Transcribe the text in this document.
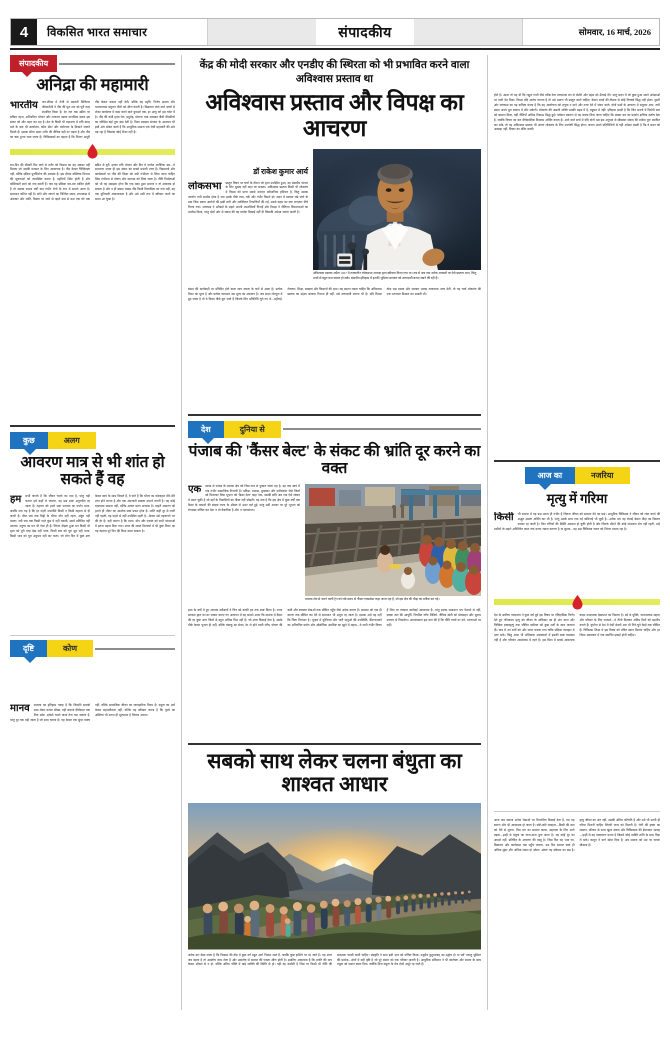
4	विकसित भारत समाचार	संपादकीय	सोमवार, 16 मार्च, 2026
संपादकीय
अनिद्रा की महामारी
भारतीय जन-जीवन में तेजी से बदलती डिजिटल जीवनशैली ने नींद की मूल लय को पूरी तरह प्रभावित किया है। देर रात तक स्क्रीन पर सक्रिय रहना, अनियमित भोजन और लगातार बढ़ता मानसिक दबाव इस संकट को और गहरा कर रहा है। देश के किसी भी महानगर में रात्रि बारह बजे के बाद भी कार्यालय, कॉल सेंटर और मनोरंजन के ठिकाने जागते मिलते हैं। इसका सीधा असर शरीर की जैविक घड़ी पर पड़ता है और नींद का चक्र टूटता चला जाता है। चिकित्सकों का कहना है कि निरंतर अधूरी नींद केवल थकान नहीं देती, बल्कि यह स्मृति, निर्णय क्षमता और भावनात्मक संतुलन तीनों को क्षीण करती है। विद्यालय जाने वाले बच्चों से लेकर कार्यालय में काम करने वाले युवाओं तक, हर आयु वर्ग इस चपेट में है। नींद की कमी हृदय रोग, मधुमेह, मोटापा तथा अवसाद जैसी बीमारियों का जोखिम कई गुना बढ़ा देती है। विश्व स्वास्थ्य संगठन के अध्ययन भी इसी ओर संकेत करते हैं कि आधुनिक समाज एक ऐसी महामारी की ओर बढ़ रहा है जिसका कोई टीका नहीं है।
रात-दिन की सीमाएँ मिट जाने से शरीर को विश्राम का वह अवसर नहीं मिलता जो उसकी मरम्मत के लिए आवश्यक है। नींद केवल निष्क्रियता नहीं, बल्कि सक्रिय पुनर्निर्माण की अवस्था है। इस दौरान मस्तिष्क दिनभर की सूचनाओं को व्यवस्थित करता है, स्मृतियाँ स्थिर होती हैं और कोशिकाएँ स्वयं को नया करती हैं। जब यह प्रक्रिया बार-बार बाधित होती है तो उसका प्रभाव वर्षों बाद गंभीर रोगों के रूप में सामने आता है। समाधान जटिल नहीं है। सोने और जागने का निश्चित समय, शयनकक्ष में अंधकार और शांति, बिस्तर पर जाने से पहले कम से कम एक घंटे तक स्क्रीन से दूरी, हल्का रात्रि भोजन और दिन में पर्याप्त शारीरिक श्रम—ये साधारण उपाय ही इस संकट का सबसे प्रभावी उत्तर हैं। विद्यालयों और कार्यस्थलों पर नींद की शिक्षा को उसी गंभीरता से लिया जाना चाहिए जिस गंभीरता से पोषण और व्यायाम को लिया जाता है। नीति निर्माताओं को भी यह समझना होगा कि एक थका हुआ समाज न तो उत्पादक हो सकता है और न ही प्रसन्न। स्वस्थ नींद किसी विलासिता का नाम नहीं, वह एक बुनियादी आवश्यकता है और उसे उसी रूप में स्वीकार करने का समय आ चुका है।
कुछ	अलग
आवरण मात्र से भी शांत हो सकते हैं वह
हम सभी जानते हैं कि जीवन चलने का नाम है, परंतु यही चलना हमें कहाँ ले जाएगा, यह प्रश्न प्रायः अनुत्तरित रह जाता है। ठहराव को हमने सदा पराजय का पर्याय माना, जबकि सच यह है कि हर गहरी उपलब्धि किसी न किसी ठहराव से ही जन्मी है। बीज जब तक मिट्टी के भीतर मौन नहीं रहता, अंकुर नहीं बनता। नदी जब तक किसी गहरे कुंड में नहीं रुकती, उसमें प्रतिबिंब नहीं उतरता। मनुष्य का मन भी ऐसा ही है। निरंतर दौड़ता हुआ मन किसी भी दृश्य को पूरी तरह देख नहीं पाता, किसी स्वर को पूरा सुन नहीं पाता, किसी भाव को पूरा अनुभव नहीं कर पाता। जो लोग दिन में कुछ क्षण केवल स्वयं के साथ बिताते हैं, वे पाते हैं कि भीतर का कोलाहल धीरे-धीरे शांत होने लगता है और एक अनजानी स्पष्टता उभरने लगती है। यह कोई रहस्यमय साधना नहीं, बल्कि अत्यंत सरल अभ्यास है। बाहरी आवरण को हटाते ही भीतर का आलोक स्वयं प्रकट होता है। शांति कहीं दूर से लानी नहीं पड़ती, वह पहले से वहीं उपस्थित रहती है—केवल उसे पहचानने भर की देर है। यही कारण है कि ध्यान, मौन और एकांत को सभी परंपराओं में इतना महत्व दिया गया। आज की व्यस्त दिनचर्या में भी कुछ मिनट का यह ठहराव पूरे दिन की दिशा बदल सकता है।
दृष्टि	कोण
मानव सभ्यता का इतिहास गवाह है कि जिन्होंने सबको साथ लेकर चलना सीखा, वही समाज दीर्घकाल तक टिक सके। अकेले चलने वाला तेज चल सकता है, परंतु दूर तक वही जाता है जो साथ चलता है। यह केवल एक सुंदर वाक्य नहीं, बल्कि सामाजिक जीवन का व्यावहारिक नियम है। बंधुता का अर्थ केवल सहनशीलता नहीं, बल्कि यह स्वीकार करना है कि दूसरे का अस्तित्व भी उतना ही मूल्यवान है जितना अपना।
केंद्र की मोदी सरकार और एनडीए की स्थिरता को भी प्रभावित करने वाला अविश्वास प्रस्ताव था
अविश्वास प्रस्ताव और विपक्ष का आचरण
अविश्वास प्रस्ताव अप्रैल 1967 में तत्कालीन लोकसभा अध्यक्ष द्वारा स्वीकार किया गया था। तब से अब तक अनेक अवसरों पर ऐसे प्रस्ताव आए, किंतु उनमें से बहुत कम सफल हो सके। संसदीय इतिहास में इनकी भूमिका सरकार को उत्तरदायी बनाए रखने की रही है।
डॉ राकेश कुमार आर्य
लोकसभा प्रस्तुत विषय पर चर्चा के दौरान जो दृश्य उपस्थित हुआ, वह संसदीय परंपरा के लिए सुखद नहीं कहा जा सकता। अविश्वास प्रस्ताव किसी भी लोकतंत्र में विपक्ष को प्राप्त सबसे धारदार संवैधानिक हथियार है, किंतु उसका उपयोग तभी सार्थक होता है जब उसके पीछे तथ्य, तर्क और गंभीर विमर्श हो। सदन में प्रस्ताव रखे जाने के बाद जिस प्रकार आरोपों की झड़ी लगी और व्यक्तिगत टिप्पणियाँ की गईं, उससे बहस का स्तर लगातार नीचे गिरता गया। सत्तापक्ष ने आँकड़ों के सहारे अपनी उपलब्धियाँ गिनाईं और विपक्ष ने नीतिगत विफलताओं का उल्लेख किया, परंतु दोनों ओर से संवाद की वह मर्यादा दिखाई नहीं दी जिसकी अपेक्षा जनता करती है।
संसद की कार्यवाही पर प्रतिदिन होने वाला व्यय जनता के करों से आता है। प्रत्येक मिनट का मूल्य है और प्रत्येक व्यवधान उस मूल्य का अपव्यय है। जब सदन शोरगुल में डूब जाता है तो वे विषय पीछे छूट जाते हैं जिनके लिए प्रतिनिधि चुने गए थे—महँगाई, रोजगार, शिक्षा, स्वास्थ्य और किसानों की दशा। यह स्मरण रखना चाहिए कि अविश्वास प्रस्ताव का उद्देश्य सरकार गिराना ही नहीं, उसे उत्तरदायी बनाना भी है। यदि विपक्ष ठोस प्रश्न रखता और सरकार उनका तथ्यपरक उत्तर देती, तो यह चर्चा लोकतंत्र की एक उज्ज्वल मिसाल बन सकती थी।
देश	दुनिया से
पंजाब की 'कैंसर बेल्ट' के संकट की भ्रांति दूर करने का वक्त
मालवा क्षेत्र से चलने वाली ट्रेन को लंबे समय से 'कैंसर एक्सप्रेस' कहा जाता रहा है, जो इस क्षेत्र की पीड़ा का प्रतीक बन गई।
एक दशक से पंजाब के मालवा क्षेत्र को जिस नाम से पुकारा जाता रहा है, वह नाम स्वयं में एक गंभीर सामाजिक टिप्पणी है। बठिंडा, मानसा, मुक्तसर और फरीदकोट जैसे जिलों को मिलाकर जिस भूभाग को 'कैंसर बेल्ट' कहा गया, उसकी छवि अब एक ऐसे लांछन में बदल चुकी है जो वहाँ के निवासियों का पीछा नहीं छोड़ती। यह सच है कि इस क्षेत्र में कुछ वर्षों तक कैंसर के मामलों की संख्या राज्य के औसत से ऊपर दर्ज हुई, परंतु उसी आधार पर पूरे भूभाग को रोगग्रस्त घोषित कर देना न तो वैज्ञानिक है और न न्यायसंगत।
हाल के वर्षों में हुए व्यापक सर्वेक्षणों ने चित्र को काफी हद तक स्पष्ट किया है। राज्य सरकार द्वारा घर-घर जाकर कराए गए अध्ययन में यह सामने आया कि मालवा में कैंसर की दर कुछ अन्य जिलों से बहुत अधिक भिन्न नहीं है। जो अंतर दिखाई देता है, उसके पीछे केवल भूजल ही नहीं, बल्कि तंबाकू का सेवन, देर से होने वाली जाँच, पोषण की कमी और स्वास्थ्य सेवाओं तक सीमित पहुँच जैसे अनेक कारण हैं। समस्या को एक ही कारण तक सीमित कर देने से समाधान भी अधूरा रह जाता है। इसका अर्थ यह नहीं कि चिंता निराधार है। भूजल में यूरेनियम और भारी धातुओं की उपस्थिति, कीटनाशकों का अनियंत्रित प्रयोग और औद्योगिक अपशिष्ट का खुले में बहाव—ये सभी गंभीर विषय हैं जिन पर तत्काल कार्रवाई आवश्यक है। परंतु इनका समाधान भय फैलाने से नहीं, स्वच्छ जल की आपूर्ति, नियमित जाँच शिविरों, जैविक खेती को प्रोत्साहन और सुलभ उपचार से निकलेगा। आवश्यकता इस बात की है कि नीति तथ्यों पर बने, धारणाओं पर नहीं।
सबको साथ लेकर चलना बंधुता का शाश्वत आधार
अनेक बार देखा जाता है कि विकास की दौड़ में कुछ वर्ग बहुत आगे निकल जाते हैं, जबकि कुछ हाशिये पर रह जाते हैं। यह अंतर जब बढ़ता है तो असंतोष जन्म लेता है और असंतोष से समाज की एकता क्षीण होती है। इसलिए आवश्यक है कि प्रगति की माप केवल औसत से न हो, बल्कि अंतिम पंक्ति में खड़े व्यक्ति की स्थिति से हो। यही वह कसौटी है जिस पर किसी भी नीति की सफलता परखी जानी चाहिए। संस्कृति ने सदा इसी भाव को पोषित किया। वसुधैव कुटुम्बकम् का उद्घोष हो या सर्वे भवन्तु सुखिनः की प्रार्थना—दोनों में वही दृष्टि है जो पूरे संसार को एक परिवार मानती है। आधुनिक संविधान ने भी स्वतंत्रता और समता के साथ बंधुता को समान स्थान दिया, क्योंकि बिना बंधुता के शेष दोनों अधूरे रह जाते हैं।
होते हैं। आशा तो यह थी कि राहुल गांधी जैसे वरिष्ठ नेता तथ्यपरक ढंग से बोलेंगे और बहस को ऊँचाई देंगे, परंतु सदन में जो कुछ हुआ उसने अपेक्षाओं पर पानी फेर दिया। विपक्ष यदि आरोप लगाता है तो उसे प्रमाण भी प्रस्तुत करने चाहिए; केवल शब्दों की तीव्रता से कोई निष्कर्ष सिद्ध नहीं होता। दूसरी ओर सत्तापक्ष का यह दायित्व बनता है कि वह आलोचना को शत्रुता न माने और उत्तर देने में संयम बरते। दोनों पक्षों के आचरण में संतुलन आए, तभी संसद अपने मूल स्वरूप में लौट सकेगी। लोकतंत्र की असली शक्ति उसकी बहस में है, बहुमत में नहीं। इतिहास साक्षी है कि जिन सदनों में विरोधी स्वर को सम्मान मिला, वहीं नीतियाँ अधिक टिकाऊ सिद्ध हुईं। वर्तमान प्रकरण से यह सबक लिया जाना चाहिए कि संख्या बल का प्रदर्शन क्षणिक संतोष देता है, जबकि विचार का बल दीर्घकालिक विश्वास अर्जित करता है। आने वाले सत्रों में यदि दोनों पक्ष इस अनुभव से सीखकर संवाद की मर्यादा पुनः स्थापित कर सकें, तो यह अविश्वास प्रस्ताव भी अंततः लोकतंत्र के लिए उपयोगी सिद्ध होगा। जनता अपने प्रतिनिधियों से यही अपेक्षा रखती है कि वे सदन को अखाड़ा नहीं, विचार का मंदिर बनाएँ।
आज का	नजरिया
मृत्यु में गरिमा
किसी भी समाज में यह प्रश्न उतना ही गंभीर है जितना जीवन को सम्मान देने का प्रश्न। आधुनिक चिकित्सा ने जीवन को लंबा करने की अद्भुत क्षमता अर्जित कर ली है, परंतु उसके साथ एक नई कठिनाई भी जुड़ी है—अनेक बार वह लंबाई केवल पीड़ा का विस्तार बनकर रह जाती है। जिन रोगियों की स्थिति असाध्य हो चुकी होती है और जिनके लौटने की कोई संभावना शेष नहीं रहती, उन्हें मशीनों के सहारे अनिश्चित काल तक बनाए रखना करुणा है या क्रूरता—यह प्रश्न चिकित्सा जगत को निरंतर मथता रहा है।
देश के सर्वोच्च न्यायालय ने कुछ वर्ष पूर्व इस विषय पर ऐतिहासिक निर्णय देते हुए गरिमामय मृत्यु को जीवन के अधिकार का ही अंग माना और निष्क्रिय इच्छामृत्यु तथा जीवित वसीयत को कुछ शर्तों के साथ मान्यता दी। बाद में उन शर्तों को और सरल बनाया गया ताकि प्रक्रिया व्यवहार में उतर सके। किंतु आज भी अधिकांश अस्पतालों में इसकी स्पष्ट व्यवस्था नहीं है और परिजन असमंजस में रहते हैं। इस दिशा में सबसे आवश्यक कदम उपशामक देखभाल का विस्तार है। दर्द से मुक्ति, भावनात्मक सहारा और परिवार के लिए परामर्श—ये तीनों मिलकर अंतिम दिनों को सहनीय बनाते हैं। दुर्भाग्य से देश में ऐसी सेवाएँ अब भी गिने-चुने केंद्रों तक सीमित हैं। चिकित्सा शिक्षा में इस विषय को उचित स्थान मिलना चाहिए और हर जिला अस्पताल में एक समर्पित इकाई होनी चाहिए।
आज जब समाज अनेक रेखाओं पर विभाजित दिखाई देता है, तब यह स्मरण और भी आवश्यक हो जाता है। छोटे-छोटे व्यवहार—किसी की बात को धैर्य से सुनना, भिन्न मत का सम्मान करना, सहायता के लिए आगे बढ़ना—इन्हीं से बंधुता का ताना-बाना बुना जाता है। यह कोई दूर का आदर्श नहीं, प्रतिदिन के आचरण की वस्तु है। जिस दिन यह भाव घर, विद्यालय और कार्यस्थल तक पहुँच जाएगा, उस दिन समाज स्वयं ही अधिक सुंदर और अधिक सबल हो उठेगा। अंततः यह संवेदना का प्रश्न है। मृत्यु जीवन का अंत नहीं, उसकी अंतिम परिणति है और उसे भी उतनी ही गरिमा मिलनी चाहिए जितनी जन्म को मिलती है। रोगी की इच्छा का सम्मान, परिवार के साथ खुला संवाद और चिकित्सक की ईमानदार सलाह—इन्हीं से वह वातावरण बनता है जिसमें कोई व्यक्ति शांति के साथ विदा ले सके। कानून ने मार्ग खोल दिया है; अब समाज को उस पर चलना सीखना है।
